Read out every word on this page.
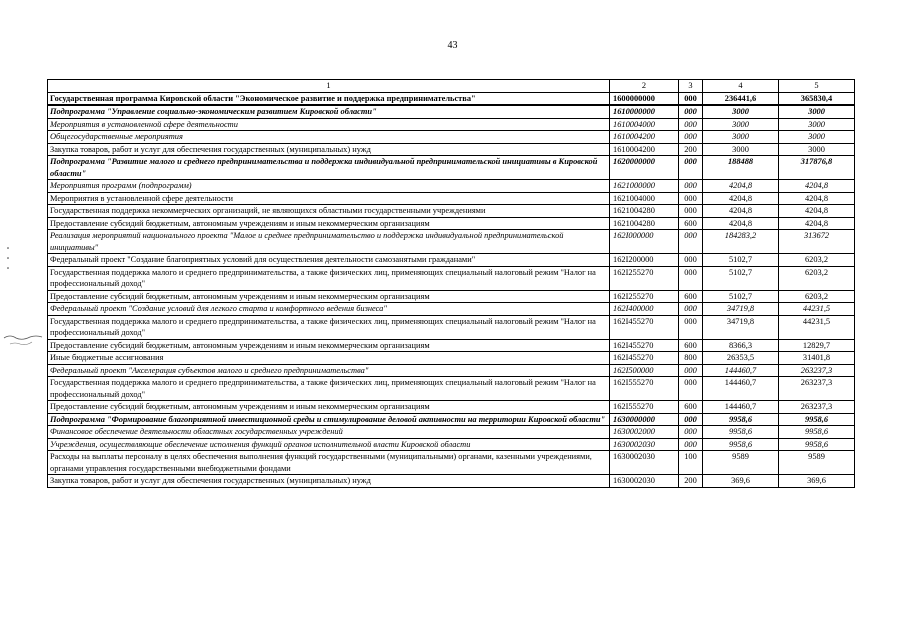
43
1	2	3	4	5
Государственная программа Кировской области "Экономическое развитие и поддержка предпринимательства"	1600000000	000	236441,6	365830,4
Подпрограмма "Управление социально-экономическим развитием Кировской области"	1610000000	000	3000	3000
Мероприятия в установленной сфере деятельности	1610004000	000	3000	3000
Общегосударственные мероприятия	1610004200	000	3000	3000
Закупка товаров, работ и услуг для обеспечения государственных (муниципальных) нужд	1610004200	200	3000	3000
Подпрограмма "Развитие малого и среднего предпринимательства и поддержка индивидуальной предпринимательской инициативы в Кировской области"	1620000000	000	188488	317876,8
Мероприятия программ (подпрограмм)	1621000000	000	4204,8	4204,8
Мероприятия в установленной сфере деятельности	1621004000	000	4204,8	4204,8
Государственная поддержка некоммерческих организаций, не являющихся областными государственными учреждениями	1621004280	000	4204,8	4204,8
Предоставление субсидий бюджетным, автономным учреждениям и иным некоммерческим организациям	1621004280	600	4204,8	4204,8
Реализация мероприятий национального проекта "Малое и среднее предпринимательство и поддержка индивидуальной предпринимательской инициативы"	162I000000	000	184283,2	313672
Федеральный проект "Создание благоприятных условий для осуществления деятельности самозанятыми гражданами"	162I200000	000	5102,7	6203,2
Государственная поддержка малого и среднего предпринимательства, а также физических лиц, применяющих специальный налоговый режим "Налог на профессиональный доход"	162I255270	000	5102,7	6203,2
Предоставление субсидий бюджетным, автономным учреждениям и иным некоммерческим организациям	162I255270	600	5102,7	6203,2
Федеральный проект "Создание условий для легкого старта и комфортного ведения бизнеса"	162I400000	000	34719,8	44231,5
Государственная поддержка малого и среднего предпринимательства, а также физических лиц, применяющих специальный налоговый режим "Налог на профессиональный доход"	162I455270	000	34719,8	44231,5
Предоставление субсидий бюджетным, автономным учреждениям и иным некоммерческим организациям	162I455270	600	8366,3	12829,7
Иные бюджетные ассигнования	162I455270	800	26353,5	31401,8
Федеральный проект "Акселерация субъектов малого и среднего предпринимательства"	162I500000	000	144460,7	263237,3
Государственная поддержка малого и среднего предпринимательства, а также физических лиц, применяющих специальный налоговый режим "Налог на профессиональный доход"	162I555270	000	144460,7	263237,3
Предоставление субсидий бюджетным, автономным учреждениям и иным некоммерческим организациям	162I555270	600	144460,7	263237,3
Подпрограмма "Формирование благоприятной инвестиционной среды и стимулирование деловой активности на территории Кировской области"	1630000000	000	9958,6	9958,6
Финансовое обеспечение деятельности областных государственных учреждений	1630002000	000	9958,6	9958,6
Учреждения, осуществляющие обеспечение исполнения функций органов исполнительной власти Кировской области	1630002030	000	9958,6	9958,6
Расходы на выплаты персоналу в целях обеспечения выполнения функций государственными (муниципальными) органами, казенными учреждениями, органами управления государственными внебюджетными фондами	1630002030	100	9589	9589
Закупка товаров, работ и услуг для обеспечения государственных (муниципальных) нужд	1630002030	200	369,6	369,6
